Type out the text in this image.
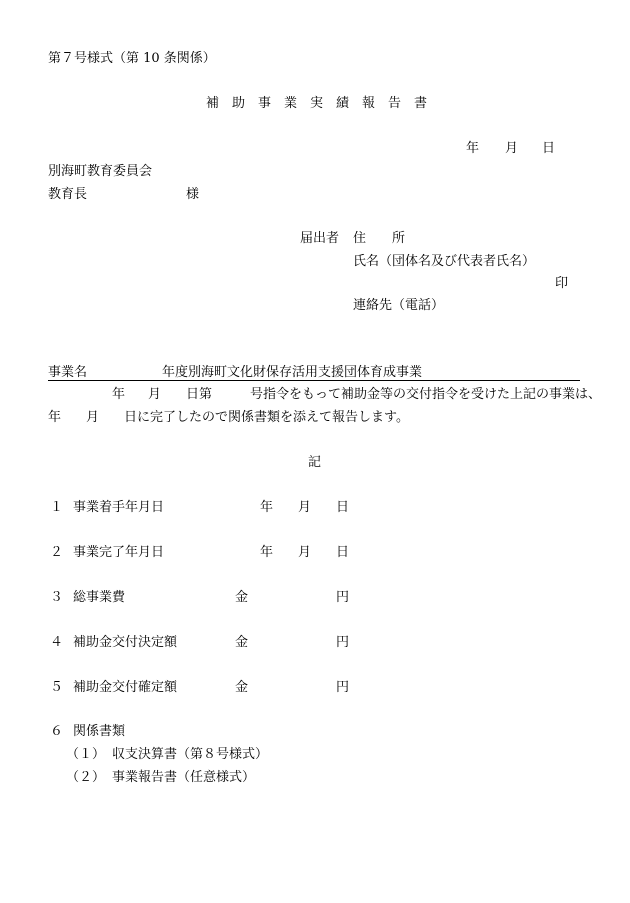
第７号様式（第 10 条関係）
補　助　事　業　実　績　報　告　書
年 月 日
別海町教育委員会
教育長	様
届出者 住　　所
氏名（団体名及び代表者氏名）
印
連絡先（電話）
事業名	年度別海町文化財保存活用支援団体育成事業
年 月 日第	号指令をもって補助金等の交付指令を受けた上記の事業は、
年 月 日に完了したので関係書類を添えて報告します。
記
１ 事業着手年月日	年 月 日
２ 事業完了年月日	年 月 日
３ 総事業費	金	円
４ 補助金交付決定額	金	円
５ 補助金交付確定額	金	円
６ 関係書類
（１） 収支決算書（第８号様式）
（２） 事業報告書（任意様式）
